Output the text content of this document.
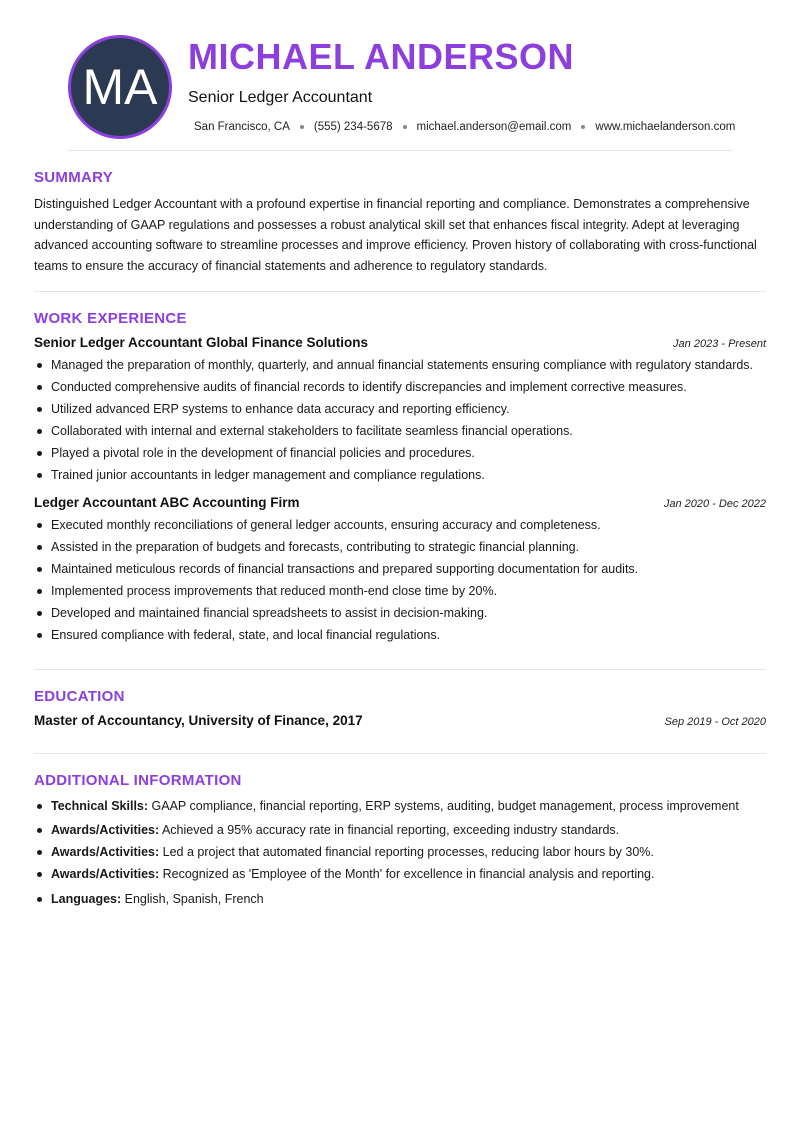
MA
MICHAEL ANDERSON
Senior Ledger Accountant
San Francisco, CA (555) 234-5678 michael.anderson@email.com www.michaelanderson.com
SUMMARY

Distinguished Ledger Accountant with a profound expertise in financial reporting and compliance. Demonstrates a comprehensive understanding of GAAP regulations and possesses a robust analytical skill set that enhances fiscal integrity. Adept at leveraging advanced accounting software to streamline processes and improve efficiency. Proven history of collaborating with cross-functional teams to ensure the accuracy of financial statements and adherence to regulatory standards.

WORK EXPERIENCE
Senior Ledger Accountant Global Finance Solutions	Jan 2023 - Present
Managed the preparation of monthly, quarterly, and annual financial statements ensuring compliance with regulatory standards.
Conducted comprehensive audits of financial records to identify discrepancies and implement corrective measures.
Utilized advanced ERP systems to enhance data accuracy and reporting efficiency.
Collaborated with internal and external stakeholders to facilitate seamless financial operations.
Played a pivotal role in the development of financial policies and procedures.
Trained junior accountants in ledger management and compliance regulations.
Ledger Accountant ABC Accounting Firm	Jan 2020 - Dec 2022
Executed monthly reconciliations of general ledger accounts, ensuring accuracy and completeness.
Assisted in the preparation of budgets and forecasts, contributing to strategic financial planning.
Maintained meticulous records of financial transactions and prepared supporting documentation for audits.
Implemented process improvements that reduced month-end close time by 20%.
Developed and maintained financial spreadsheets to assist in decision-making.
Ensured compliance with federal, state, and local financial regulations.
EDUCATION
Master of Accountancy, University of Finance, 2017	Sep 2019 - Oct 2020
ADDITIONAL INFORMATION
Technical Skills: GAAP compliance, financial reporting, ERP systems, auditing, budget management, process improvement
Awards/Activities: Achieved a 95% accuracy rate in financial reporting, exceeding industry standards.
Awards/Activities: Led a project that automated financial reporting processes, reducing labor hours by 30%.
Awards/Activities: Recognized as 'Employee of the Month' for excellence in financial analysis and reporting.
Languages: English, Spanish, French
